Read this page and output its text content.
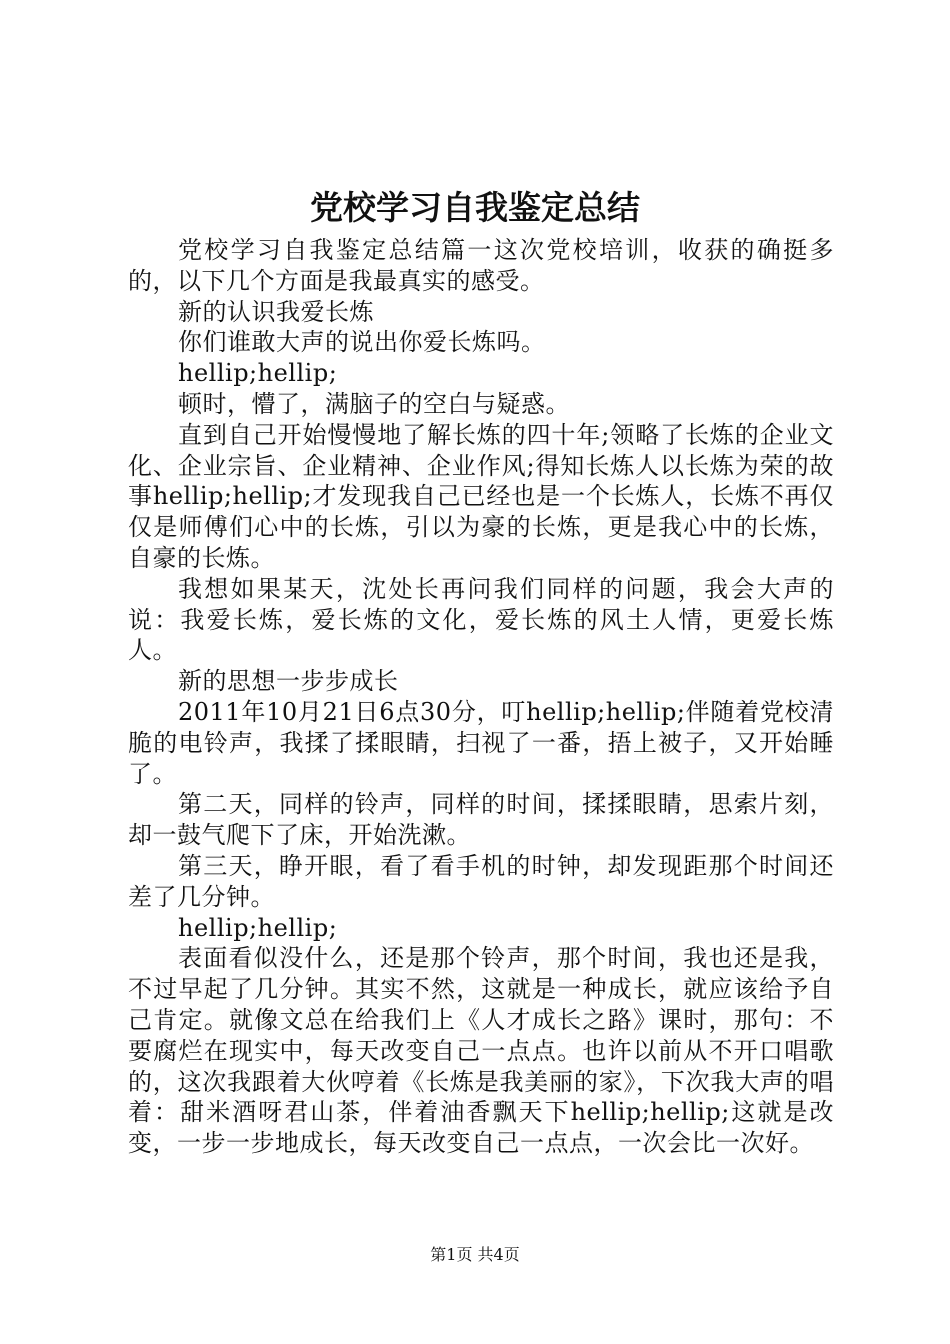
党校学习自我鉴定总结

党校学习自我鉴定总结篇一这次党校培训，收获的确挺多的，以下几个方面是我最真实的感受。

新的认识我爱长炼

你们谁敢大声的说出你爱长炼吗。

hellip;hellip;

顿时，懵了，满脑子的空白与疑惑。

直到自己开始慢慢地了解长炼的四十年;领略了长炼的企业文化、企业宗旨、企业精神、企业作风;得知长炼人以长炼为荣的故事hellip;hellip;才发现我自己已经也是一个长炼人，长炼不再仅仅是师傅们心中的长炼，引以为豪的长炼，更是我心中的长炼，自豪的长炼。

我想如果某天，沈处长再问我们同样的问题，我会大声的说：我爱长炼，爱长炼的文化，爱长炼的风土人情，更爱长炼人。

新的思想一步步成长

2011年10月21日6点30分，叮hellip;hellip;伴随着党校清脆的电铃声，我揉了揉眼睛，扫视了一番，捂上被子，又开始睡了。

第二天，同样的铃声，同样的时间，揉揉眼睛，思索片刻，却一鼓气爬下了床，开始洗漱。

第三天，睁开眼，看了看手机的时钟，却发现距那个时间还差了几分钟。

hellip;hellip;

表面看似没什么，还是那个铃声，那个时间，我也还是我，不过早起了几分钟。其实不然，这就是一种成长，就应该给予自己肯定。就像文总在给我们上《人才成长之路》课时，那句：不要腐烂在现实中，每天改变自己一点点。也许以前从不开口唱歌的，这次我跟着大伙哼着《长炼是我美丽的家》，下次我大声的唱着：甜米酒呀君山茶，伴着油香飘天下hellip;hellip;这就是改变，一步一步地成长，每天改变自己一点点，一次会比一次好。

第1页 共4页
